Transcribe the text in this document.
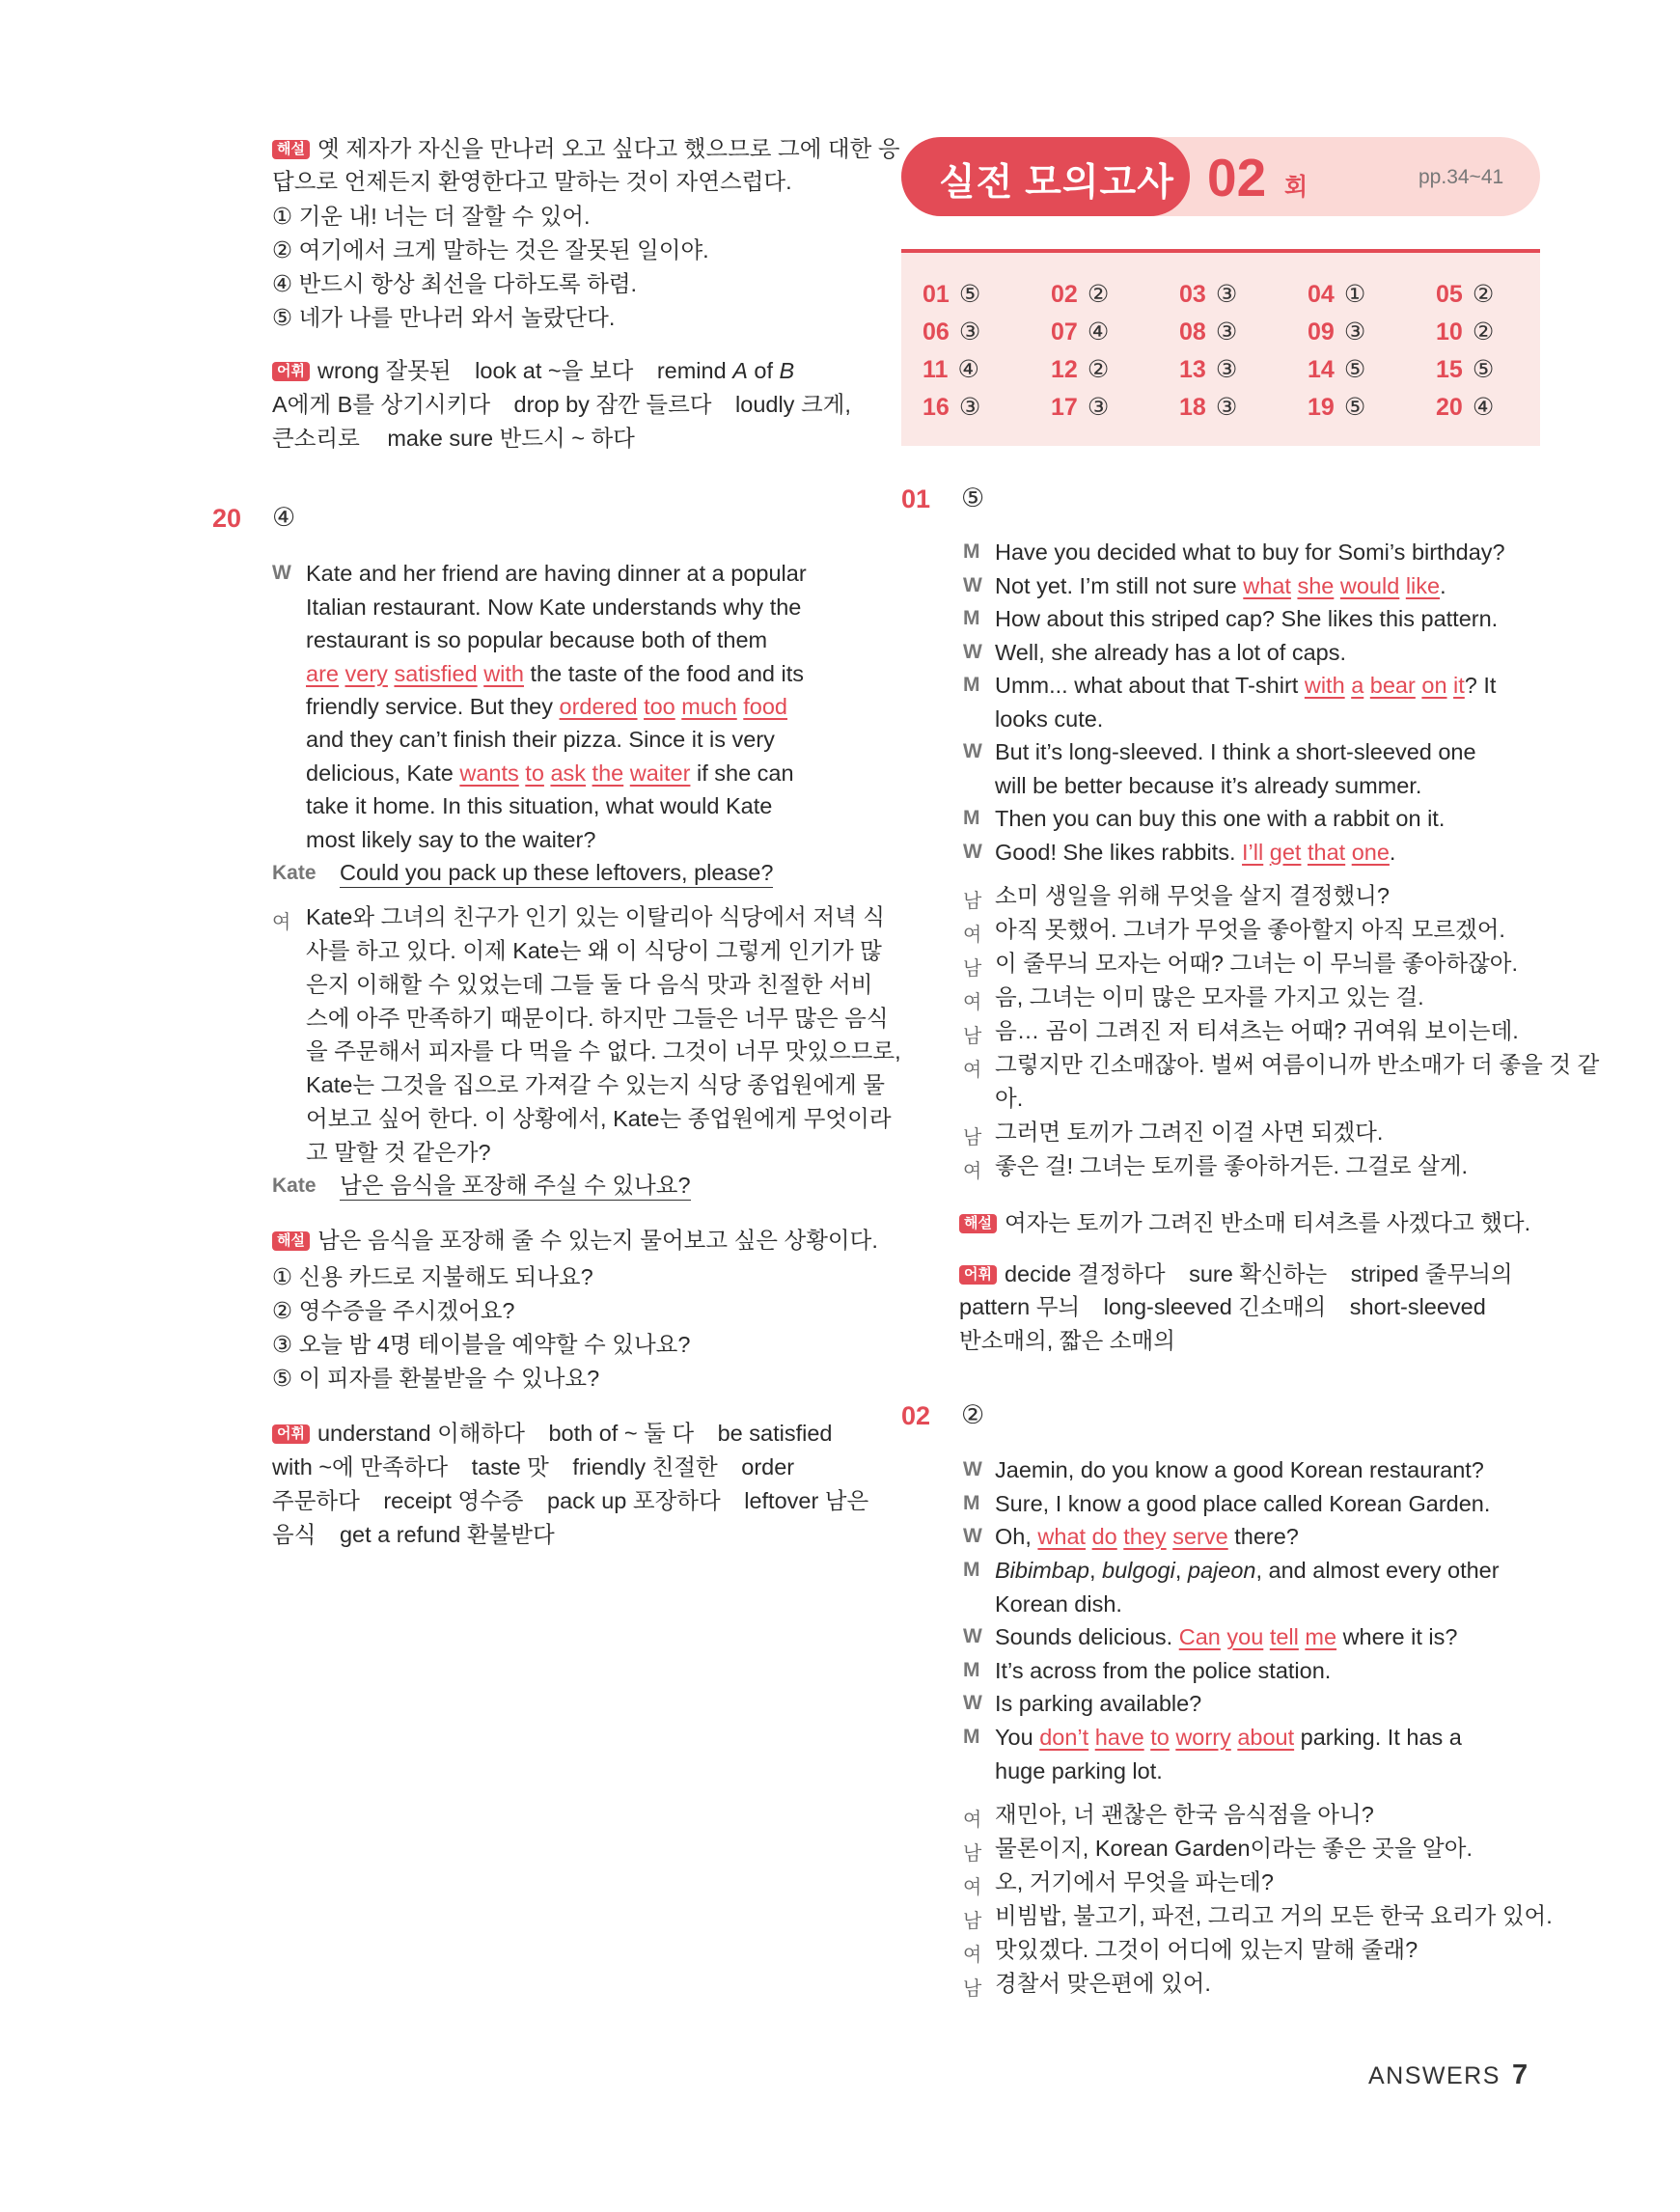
해설 옛 제자가 자신을 만나러 오고 싶다고 했으므로 그에 대한 응
답으로 언제든지 환영한다고 말하는 것이 자연스럽다.
① 기운 내! 너는 더 잘할 수 있어.
② 여기에서 크게 말하는 것은 잘못된 일이야.
④ 반드시 항상 최선을 다하도록 하렴.
⑤ 네가 나를 만나러 와서 놀랐단다.
어휘 wrong 잘못된 look at ~을 보다 remind A of B
A에게 B를 상기시키다 drop by 잠깐 들르다 loudly 크게,
큰소리로 make sure 반드시 ~ 하다
20 ④
W Kate and her friend are having dinner at a popular
Italian restaurant. Now Kate understands why the
restaurant is so popular because both of them
are very satisfied with the taste of the food and its
friendly service. But they ordered too much food
and they can’t finish their pizza. Since it is very
delicious, Kate wants to ask the waiter if she can
take it home. In this situation, what would Kate
most likely say to the waiter?
Kate Could you pack up these leftovers, please?
여 Kate와 그녀의 친구가 인기 있는 이탈리아 식당에서 저녁 식
사를 하고 있다. 이제 Kate는 왜 이 식당이 그렇게 인기가 많
은지 이해할 수 있었는데 그들 둘 다 음식 맛과 친절한 서비
스에 아주 만족하기 때문이다. 하지만 그들은 너무 많은 음식
을 주문해서 피자를 다 먹을 수 없다. 그것이 너무 맛있으므로,
Kate는 그것을 집으로 가져갈 수 있는지 식당 종업원에게 물
어보고 싶어 한다. 이 상황에서, Kate는 종업원에게 무엇이라
고 말할 것 같은가?
Kate 남은 음식을 포장해 주실 수 있나요?
해설 남은 음식을 포장해 줄 수 있는지 물어보고 싶은 상황이다.
① 신용 카드로 지불해도 되나요?
② 영수증을 주시겠어요?
③ 오늘 밤 4명 테이블을 예약할 수 있나요?
⑤ 이 피자를 환불받을 수 있나요?
어휘 understand 이해하다 both of ~ 둘 다 be satisfied
with ~에 만족하다 taste 맛 friendly 친절한 order
주문하다 receipt 영수증 pack up 포장하다 leftover 남은
음식 get a refund 환불받다
실전 모의고사 02 회	pp.34~41
01 ⑤	02 ②	03 ③	04 ①	05 ②
06 ③	07 ④	08 ③	09 ③	10 ②
11 ④	12 ②	13 ③	14 ⑤	15 ⑤
16 ③	17 ③	18 ③	19 ⑤	20 ④
01 ⑤
M Have you decided what to buy for Somi’s birthday?
W Not yet. I’m still not sure what she would like.
M How about this striped cap? She likes this pattern.
W Well, she already has a lot of caps.
M Umm... what about that T-shirt with a bear on it? It
looks cute.
W But it’s long-sleeved. I think a short-sleeved one
will be better because it’s already summer.
M Then you can buy this one with a rabbit on it.
W Good! She likes rabbits. I’ll get that one.
남 소미 생일을 위해 무엇을 살지 결정했니?
여 아직 못했어. 그녀가 무엇을 좋아할지 아직 모르겠어.
남 이 줄무늬 모자는 어때? 그녀는 이 무늬를 좋아하잖아.
여 음, 그녀는 이미 많은 모자를 가지고 있는 걸.
남 음… 곰이 그려진 저 티셔츠는 어때? 귀여워 보이는데.
여 그렇지만 긴소매잖아. 벌써 여름이니까 반소매가 더 좋을 것 같
아.
남 그러면 토끼가 그려진 이걸 사면 되겠다.
여 좋은 걸! 그녀는 토끼를 좋아하거든. 그걸로 살게.
해설 여자는 토끼가 그려진 반소매 티셔츠를 사겠다고 했다.
어휘 decide 결정하다 sure 확신하는 striped 줄무늬의
pattern 무늬 long-sleeved 긴소매의 short-sleeved
반소매의, 짧은 소매의
02 ②
W Jaemin, do you know a good Korean restaurant?
M Sure, I know a good place called Korean Garden.
W Oh, what do they serve there?
M Bibimbap, bulgogi, pajeon, and almost every other
Korean dish.
W Sounds delicious. Can you tell me where it is?
M It’s across from the police station.
W Is parking available?
M You don’t have to worry about parking. It has a
huge parking lot.
여 재민아, 너 괜찮은 한국 음식점을 아니?
남 물론이지, Korean Garden이라는 좋은 곳을 알아.
여 오, 거기에서 무엇을 파는데?
남 비빔밥, 불고기, 파전, 그리고 거의 모든 한국 요리가 있어.
여 맛있겠다. 그것이 어디에 있는지 말해 줄래?
남 경찰서 맞은편에 있어.
ANSWERS 7
